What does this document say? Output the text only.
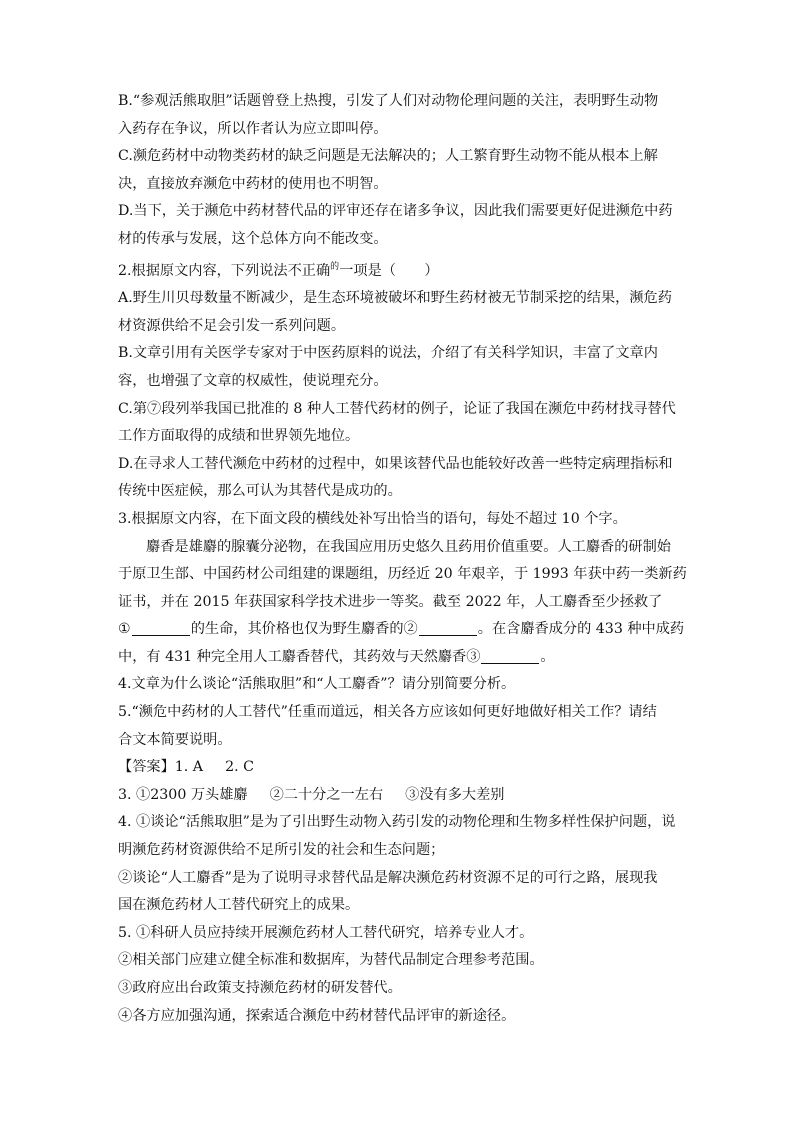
B.“参观活熊取胆”话题曾登上热搜，引发了人们对动物伦理问题的关注，表明野生动物
入药存在争议，所以作者认为应立即叫停。
C.濒危药材中动物类药材的缺乏问题是无法解决的；人工繁育野生动物不能从根本上解
决，直接放弃濒危中药材的使用也不明智。
D.当下，关于濒危中药材替代品的评审还存在诸多争议，因此我们需要更好促进濒危中药
材的传承与发展，这个总体方向不能改变。
2.根据原文内容，下列说法不正确$^的$一项是（　　）
A.野生川贝母数量不断减少，是生态环境被破坏和野生药材被无节制采挖的结果，濒危药
材资源供给不足会引发一系列问题。
B.文章引用有关医学专家对于中医药原料的说法，介绍了有关科学知识，丰富了文章内
容，也增强了文章的权威性，使说理充分。
C.第⑦段列举我国已批准的 8 种人工替代药材的例子，论证了我国在濒危中药材找寻替代
工作方面取得的成绩和世界领先地位。
D.在寻求人工替代濒危中药材的过程中，如果该替代品也能较好改善一些特定病理指标和
传统中医症候，那么可认为其替代是成功的。
3.根据原文内容，在下面文段的横线处补写出恰当的语句，每处不超过 10 个字。
麝香是雄麝的腺囊分泌物，在我国应用历史悠久且药用价值重要。人工麝香的研制始
于原卫生部、中国药材公司组建的课题组，历经近 20 年艰辛，于 1993 年获中药一类新药
证书，并在 2015 年获国家科学技术进步一等奖。截至 2022 年，人工麝香至少拯救了
①	的生命，其价格也仅为野生麝香的②	。在含麝香成分的 433 种中成药
中，有 431 种完全用人工麝香替代，其药效与天然麝香③	。
4.文章为什么谈论“活熊取胆”和“人工麝香”？请分别简要分析。
5.“濒危中药材的人工替代”任重而道远，相关各方应该如何更好地做好相关工作？请结
合文本简要说明。
【答案】1. A 2. C
3. ①2300 万头雄麝 ②二十分之一左右 ③没有多大差别
4. ①谈论“活熊取胆”是为了引出野生动物入药引发的动物伦理和生物多样性保护问题，说
明濒危药材资源供给不足所引发的社会和生态问题；
②谈论“人工麝香”是为了说明寻求替代品是解决濒危药材资源不足的可行之路，展现我
国在濒危药材人工替代研究上的成果。
5. ①科研人员应持续开展濒危药材人工替代研究，培养专业人才。
②相关部门应建立健全标准和数据库，为替代品制定合理参考范围。
③政府应出台政策支持濒危药材的研发替代。
④各方应加强沟通，探索适合濒危中药材替代品评审的新途径。
